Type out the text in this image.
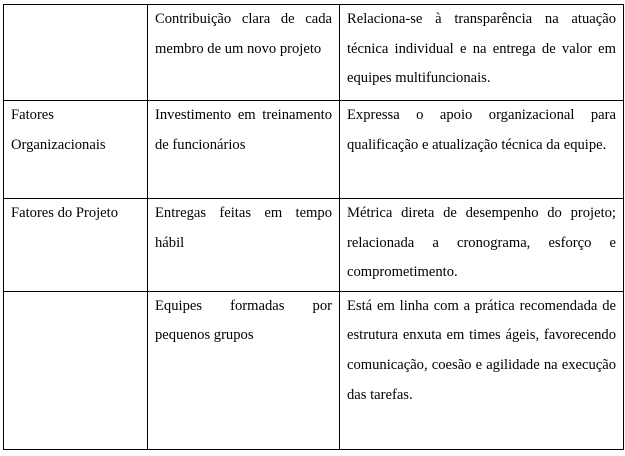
	Contribuição clara de cada membro de um novo projeto	Relaciona-se à transparência na atuação técnica individual e na entrega de valor em equipes multifuncionais.
Fatores Organizacionais	Investimento em treinamento de funcionários	Expressa o apoio organizacional para qualificação e atualização técnica da equipe.
Fatores do Projeto	Entregas feitas em tempo hábil	Métrica direta de desempenho do projeto; relacionada a cronograma, esforço e comprometimento.
	Equipes formadas por pequenos grupos	Está em linha com a prática recomendada de estrutura enxuta em times ágeis, favorecendo comunicação, coesão e agilidade na execução das tarefas.
